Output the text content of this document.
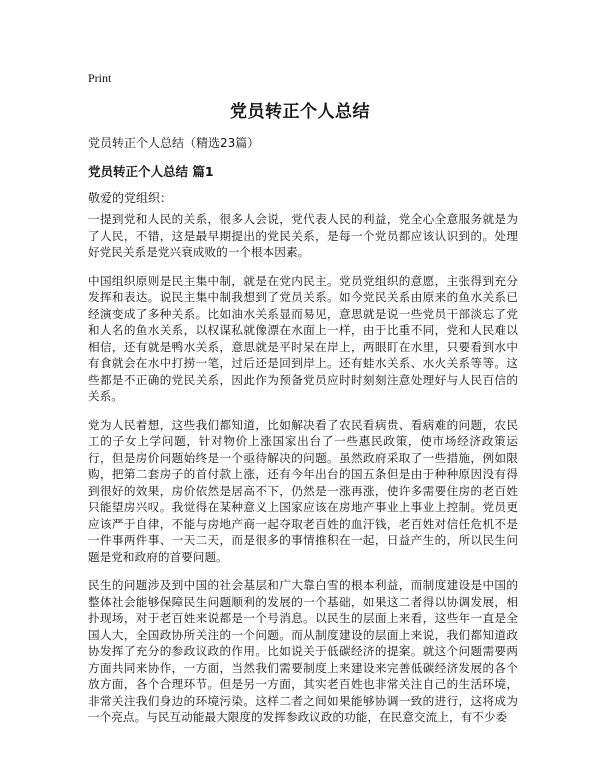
Print
党员转正个人总结

党员转正个人总结（精选23篇）

党员转正个人总结 篇1

敬爱的党组织：

一提到党和人民的关系，很多人会说，党代表人民的利益，党全心全意服务就是为了人民，不错，这是最早期提出的党民关系，是每一个党员都应该认识到的。处理好党民关系是党兴衰成败的一个根本因素。

中国组织原则是民主集中制，就是在党内民主。党员党组织的意愿，主张得到充分发挥和表达。说民主集中制我想到了党员关系。如今党民关系由原来的鱼水关系已经演变成了多种关系。比如油水关系显而易见，意思就是说一些党员干部淡忘了党和人名的鱼水关系，以权谋私就像漂在水面上一样，由于比重不同，党和人民难以相信，还有就是鸭水关系，意思就是平时呆在岸上，两眼盯在水里，只要看到水中有食就会在水中打捞一笔，过后还是回到岸上。还有蛙水关系、水火关系等等。这些都是不正确的党民关系，因此作为预备党员应时时刻刻注意处理好与人民百信的关系。

党为人民着想，这些我们都知道，比如解决看了农民看病贵、看病难的问题，农民工的子女上学问题，针对物价上涨国家出台了一些惠民政策，使市场经济政策运行，但是房价问题始终是一个亟待解决的问题。虽然政府采取了一些措施，例如限购，把第二套房子的首付款上涨，还有今年出台的国五条但是由于种种原因没有得到很好的效果，房价依然是居高不下，仍然是一涨再涨，使许多需要住房的老百姓只能望房兴叹。我觉得在某种意义上国家应该在房地产事业上事业上控制。党员更应该严于自律，不能与房地产商一起夺取老百姓的血汗钱，老百姓对信任危机不是一件事两件事、一天二天，而是很多的事情推积在一起，日益产生的，所以民生问题是党和政府的首要问题。

民生的问题涉及到中国的社会基层和广大靠白雪的根本利益，而制度建设是中国的整体社会能够保障民生问题顺利的发展的一个基础，如果这二者得以协调发展，相扑现场，对于老百姓来说都是一个号消息。以民生的层面上来看，这些年一直是全国人大，全国政协所关注的一个问题。而从制度建设的层面上来说，我们都知道政协发挥了充分的参政议政的作用。比如说关于低碳经济的提案。就这个问题需要两方面共同来协作，一方面，当然我们需要制度上来建设来完善低碳经济发展的各个放方面，各个合理环节。但是另一方面，其实老百姓也非常关注自己的生活环境，非常关注我们身边的环境污染。这样二者之间如果能够协调一致的进行，这将成为一个亮点。与民互动能最大限度的发挥参政议政的功能，在民意交流上，有不少委
